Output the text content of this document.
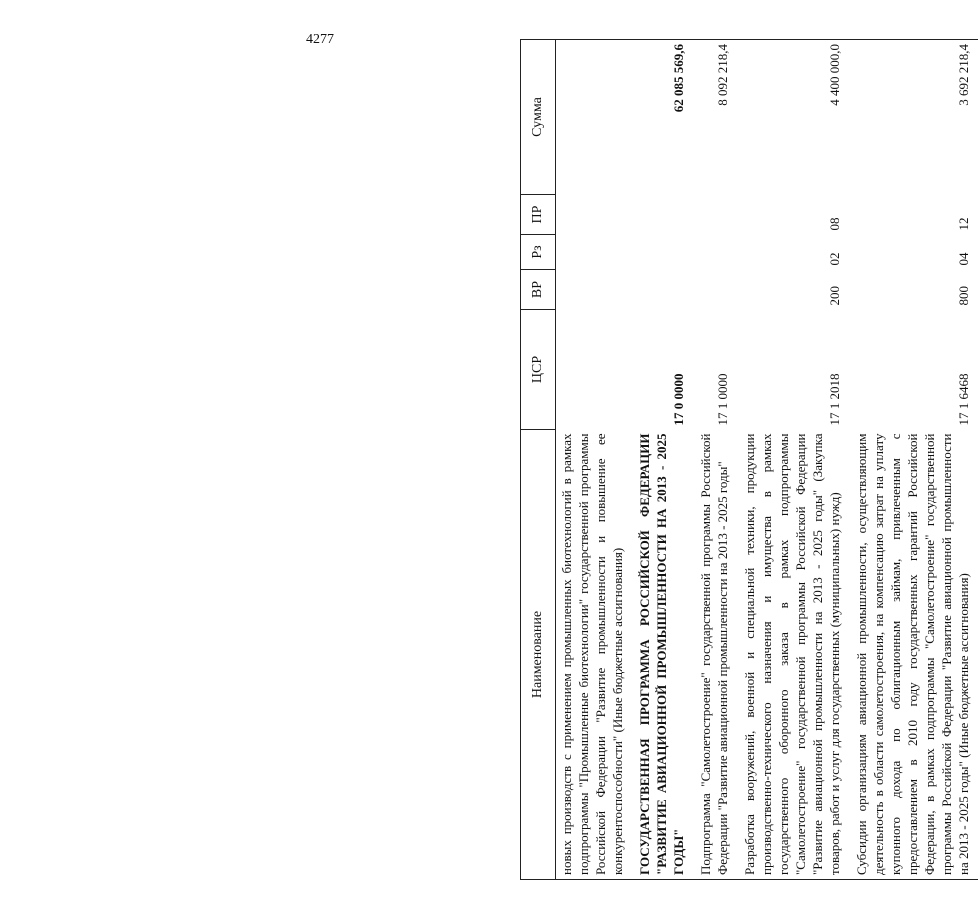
4277
Наименование	ЦСР	ВР	Рз	ПР	Сумма
новых производств с применением промышленных биотехнологий в рамках подпрограммы "Промышленные биотехнологии" государственной программы Российской Федерации "Развитие промышленности и повышение ее конкурентоспособности" (Иные бюджетные ассигнования)					
ГОСУДАРСТВЕННАЯ ПРОГРАММА РОССИЙСКОЙ ФЕДЕРАЦИИ "РАЗВИТИЕ АВИАЦИОННОЙ ПРОМЫШЛЕННОСТИ НА 2013 - 2025 ГОДЫ"	17 0 0000				62 085 569,6
Подпрограмма "Самолетостроение" государственной программы Российской Федерации "Развитие авиационной промышленности на 2013 - 2025 годы"	17 1 0000				8 092 218,4
Разработка вооружений, военной и специальной техники, продукции производственно-технического назначения и имущества в рамках государственного оборонного заказа в рамках подпрограммы "Самолетостроение" государственной программы Российской Федерации "Развитие авиационной промышленности на 2013 - 2025 годы" (Закупка товаров, работ и услуг для государственных (муниципальных) нужд)	17 1 2018	200	02	08	4 400 000,0
Субсидии организациям авиационной промышленности, осуществляющим деятельность в области самолетостроения, на компенсацию затрат на уплату купонного дохода по облигационным займам, привлеченным с предоставлением в 2010 году государственных гарантий Российской Федерации, в рамках подпрограммы "Самолетостроение" государственной программы Российской Федерации "Развитие авиационной промышленности на 2013 - 2025 годы" (Иные бюджетные ассигнования)	17 1 6468	800	04	12	3 692 218,4
